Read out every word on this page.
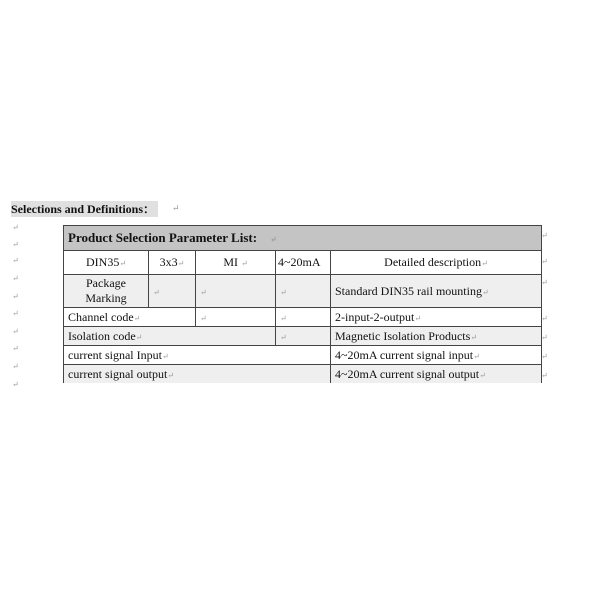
Selections and Definitions：	↵
↵
↵
↵
↵
↵
↵
↵
↵
↵
↵
Product Selection Parameter List: ↵				
DIN35↵	3x3↵	MI ↵	4~20mA	Detailed description↵
Package Marking	↵	↵	↵	Standard DIN35 rail mounting↵
Channel code↵		↵	↵	2-input-2-output↵
Isolation code↵			↵	Magnetic Isolation Products↵
current signal Input↵				4~20mA current signal input↵
current signal output↵				4~20mA current signal output↵
↵
↵
↵
↵
↵
↵
↵
